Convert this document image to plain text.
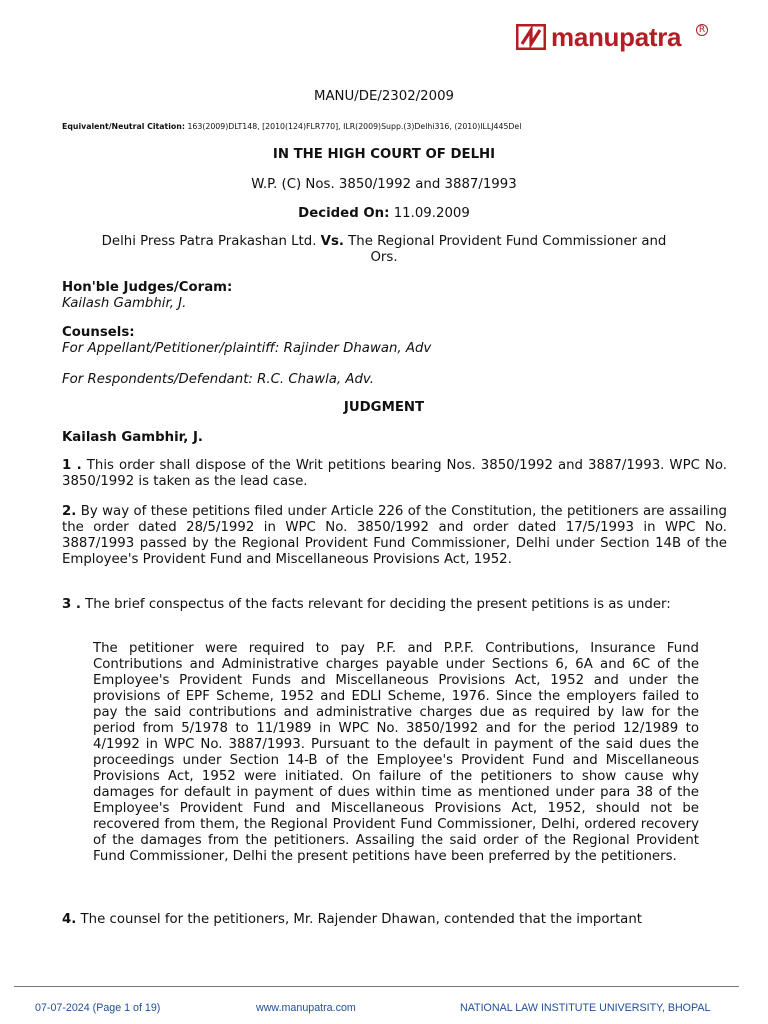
manupatra	R
MANU/DE/2302/2009
Equivalent/Neutral Citation: 163(2009)DLT148, [2010(124)FLR770], ILR(2009)Supp.(3)Delhi316, (2010)ILLJ445Del
IN THE HIGH COURT OF DELHI
W.P. (C) Nos. 3850/1992 and 3887/1993
Decided On: 11.09.2009
Delhi Press Patra Prakashan Ltd. Vs. The Regional Provident Fund Commissioner and
Ors.
Hon'ble Judges/Coram:
Kailash Gambhir, J.
Counsels:
For Appellant/Petitioner/plaintiff: Rajinder Dhawan, Adv
For Respondents/Defendant: R.C. Chawla, Adv.
JUDGMENT
Kailash Gambhir, J.
1 . This order shall dispose of the Writ petitions bearing Nos. 3850/1992 and 3887/1993. WPC No. 3850/1992 is taken as the lead case.
2. By way of these petitions filed under Article 226 of the Constitution, the petitioners are assailing the order dated 28/5/1992 in WPC No. 3850/1992 and order dated 17/5/1993 in WPC No. 3887/1993 passed by the Regional Provident Fund Commissioner, Delhi under Section 14B of the Employee's Provident Fund and Miscellaneous Provisions Act, 1952.
3 . The brief conspectus of the facts relevant for deciding the present petitions is as under:
The petitioner were required to pay P.F. and P.P.F. Contributions, Insurance Fund Contributions and Administrative charges payable under Sections 6, 6A and 6C of the Employee's Provident Funds and Miscellaneous Provisions Act, 1952 and under the provisions of EPF Scheme, 1952 and EDLI Scheme, 1976. Since the employers failed to pay the said contributions and administrative charges due as required by law for the period from 5/1978 to 11/1989 in WPC No. 3850/1992 and for the period 12/1989 to 4/1992 in WPC No. 3887/1993. Pursuant to the default in payment of the said dues the proceedings under Section 14-B of the Employee's Provident Fund and Miscellaneous Provisions Act, 1952 were initiated. On failure of the petitioners to show cause why damages for default in payment of dues within time as mentioned under para 38 of the Employee's Provident Fund and Miscellaneous Provisions Act, 1952, should not be recovered from them, the Regional Provident Fund Commissioner, Delhi, ordered recovery of the damages from the petitioners. Assailing the said order of the Regional Provident Fund Commissioner, Delhi the present petitions have been preferred by the petitioners.
4. The counsel for the petitioners, Mr. Rajender Dhawan, contended that the important
07-07-2024 (Page 1 of 19)	www.manupatra.com	NATIONAL LAW INSTITUTE UNIVERSITY, BHOPAL
